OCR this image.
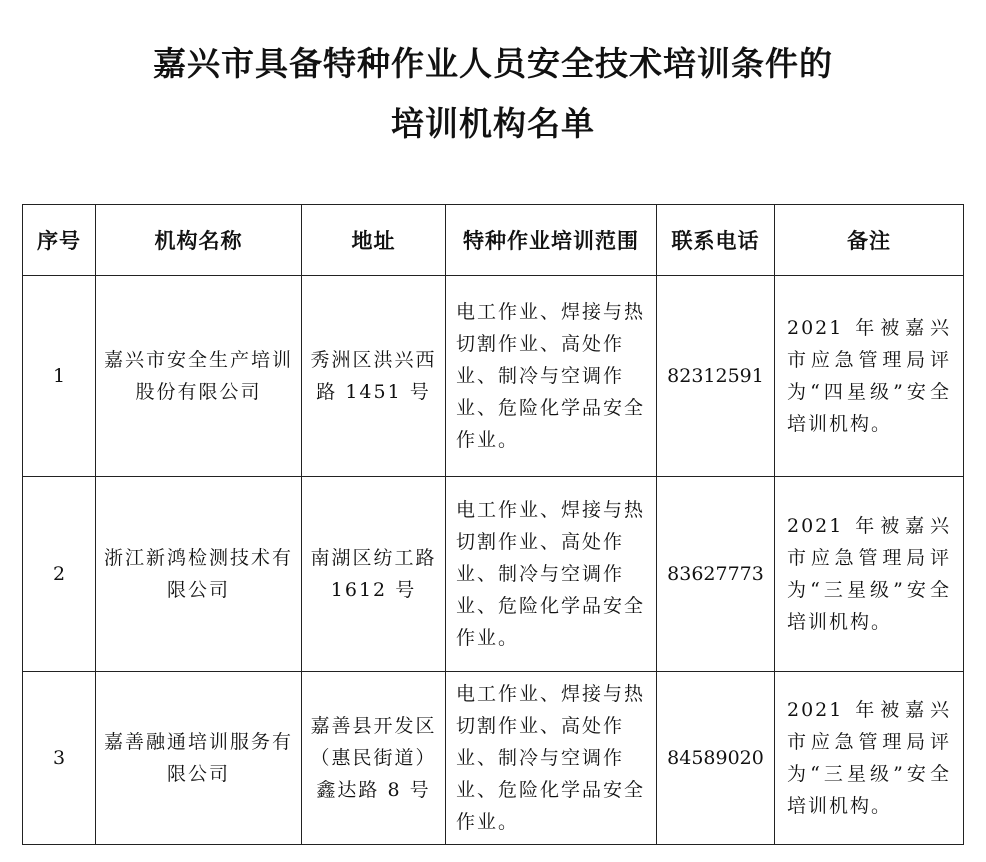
嘉兴市具备特种作业人员安全技术培训条件的
培训机构名单
序号	机构名称	地址	特种作业培训范围	联系电话	备注
1	嘉兴市安全生产培训股份有限公司	秀洲区洪兴西路 1451 号	电工作业、焊接与热切割作业、高处作业、制冷与空调作业、危险化学品安全作业。	82312591	2021 年被嘉兴市应急管理局评为“四星级”安全培训机构。
2	浙江新鸿检测技术有限公司	南湖区纺工路 1612 号	电工作业、焊接与热切割作业、高处作业、制冷与空调作业、危险化学品安全作业。	83627773	2021 年被嘉兴市应急管理局评为“三星级”安全培训机构。
3	嘉善融通培训服务有限公司	嘉善县开发区（惠民街道）鑫达路 8 号	电工作业、焊接与热切割作业、高处作业、制冷与空调作业、危险化学品安全作业。	84589020	2021 年被嘉兴市应急管理局评为“三星级”安全培训机构。
